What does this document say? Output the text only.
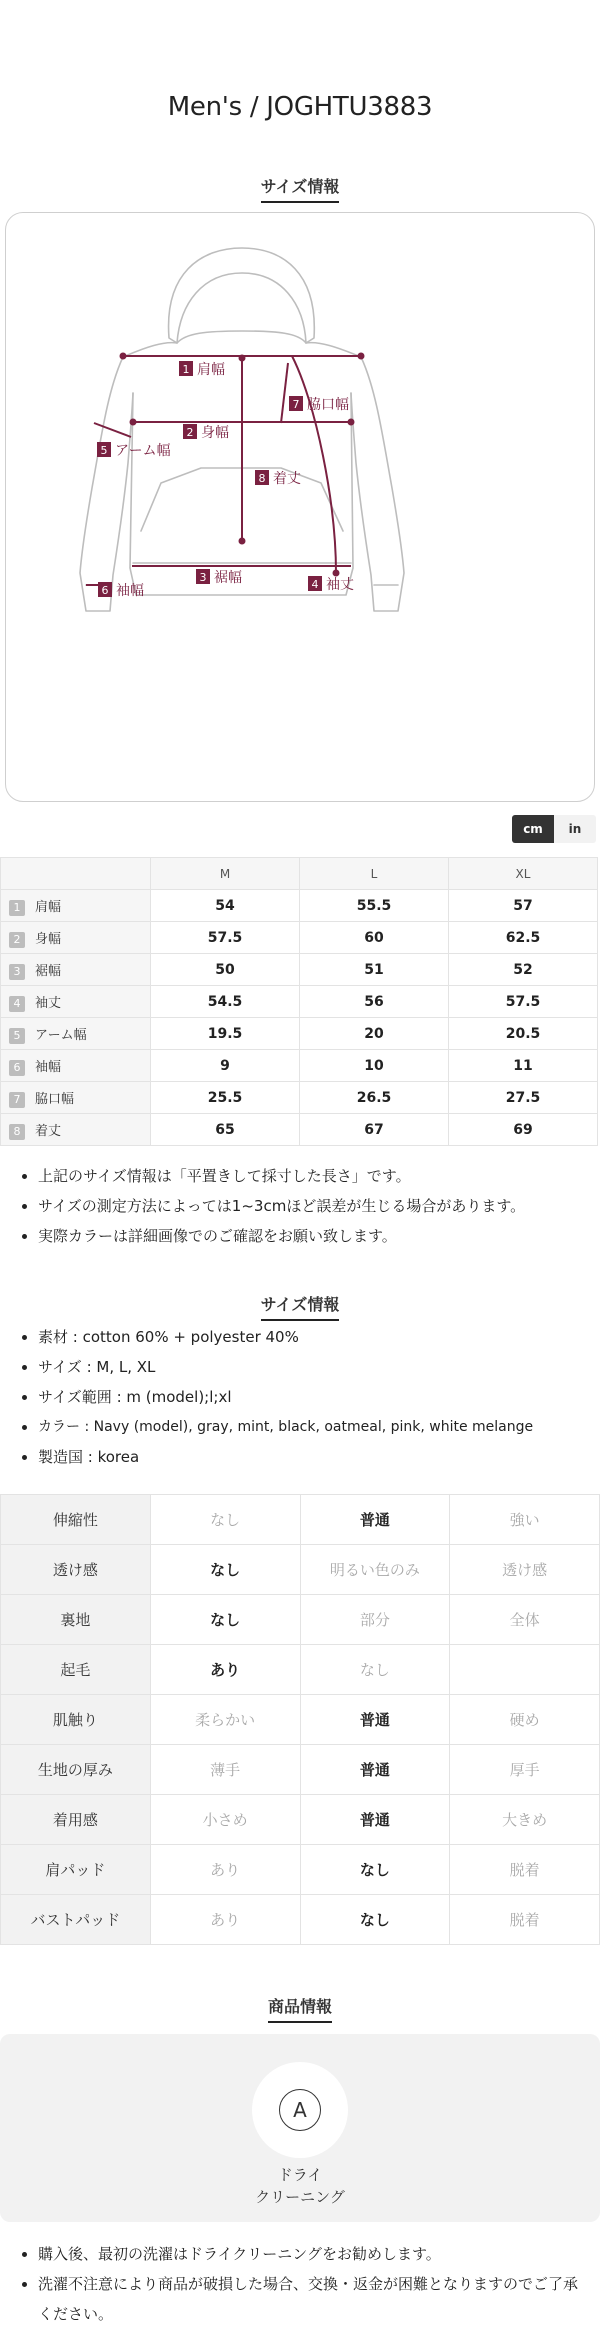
Men's / JOGHTU3883
サイズ情報
1 肩幅
2 身幅
3 裾幅	4 袖丈
5 アーム幅
6 袖幅
7 脇口幅
8 着丈
cm	in
	M	L	XL
1 肩幅	54	55.5	57
2 身幅	57.5	60	62.5
3 裾幅	50	51	52
4 袖丈	54.5	56	57.5
5 アーム幅	19.5	20	20.5
6 袖幅	9	10	11
7 脇口幅	25.5	26.5	27.5
8 着丈	65	67	69
上記のサイズ情報は「平置きして採寸した長さ」です。
サイズの測定方法によっては1~3cmほど誤差が生じる場合があります。
実際カラーは詳細画像でのご確認をお願い致します。
サイズ情報
素材 : cotton 60% + polyester 40%
サイズ : M, L, XL
サイズ範囲 : m (model);l;xl
カラー : Navy (model), gray, mint, black, oatmeal, pink, white melange
製造国 : korea
伸縮性	なし	普通	強い
透け感	なし	明るい色のみ	透け感
裏地	なし	部分	全体
起毛	あり	なし	
肌触り	柔らかい	普通	硬め
生地の厚み	薄手	普通	厚手
着用感	小さめ	普通	大きめ
肩パッド	あり	なし	脱着
バストパッド	あり	なし	脱着
商品情報
A
ドライ
クリーニング
購入後、最初の洗濯はドライクリーニングをお勧めします。
洗濯不注意により商品が破損した場合、交換・返金が困難となりますのでご了承ください。
